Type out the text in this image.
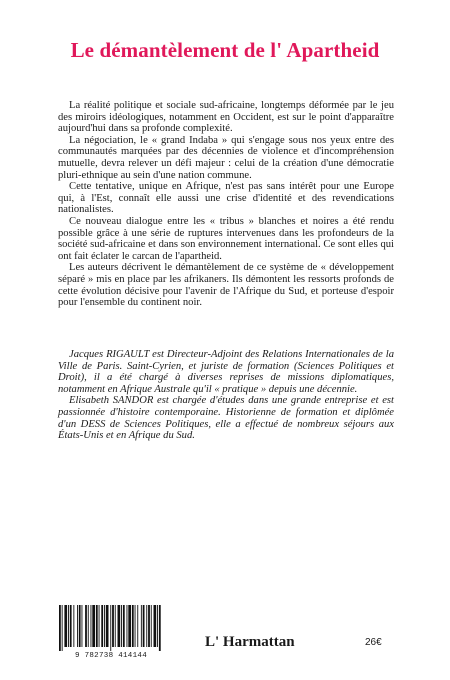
Le démantèlement de l' Apartheid

La réalité politique et sociale sud-africaine, longtemps déformée par le jeu des miroirs idéologiques, notamment en Occident, est sur le point d'apparaître aujourd'hui dans sa profonde complexité.

La négociation, le « grand Indaba » qui s'engage sous nos yeux entre des communautés marquées par des décennies de violence et d'incompréhension mutuelle, devra relever un défi majeur : celui de la création d'une démocratie pluri-ethnique au sein d'une nation commune.

Cette tentative, unique en Afrique, n'est pas sans intérêt pour une Europe qui, à l'Est, connaît elle aussi une crise d'identité et des revendications nationalistes.

Ce nouveau dialogue entre les « tribus » blanches et noires a été rendu possible grâce à une série de ruptures intervenues dans les profondeurs de la société sud-africaine et dans son environnement international. Ce sont elles qui ont fait éclater le carcan de l'apartheid.

Les auteurs décrivent le démantèlement de ce système de « développement séparé » mis en place par les afrikaners. Ils démontent les ressorts profonds de cette évolution décisive pour l'avenir de l'Afrique du Sud, et porteuse d'espoir pour l'ensemble du continent noir.

Jacques RIGAULT est Directeur-Adjoint des Relations Internationales de la Ville de Paris. Saint-Cyrien, et juriste de formation (Sciences Politiques et Droit), il a été chargé à diverses reprises de missions diplomatiques, notamment en Afrique Australe qu'il « pratique » depuis une décennie.

Elisabeth SANDOR est chargée d'études dans une grande entreprise et est passionnée d'histoire contemporaine. Historienne de formation et diplômée d'un DESS de Sciences Politiques, elle a effectué de nombreux séjours aux États-Unis et en Afrique du Sud.

9 782738 414144
L' Harmattan	26€
